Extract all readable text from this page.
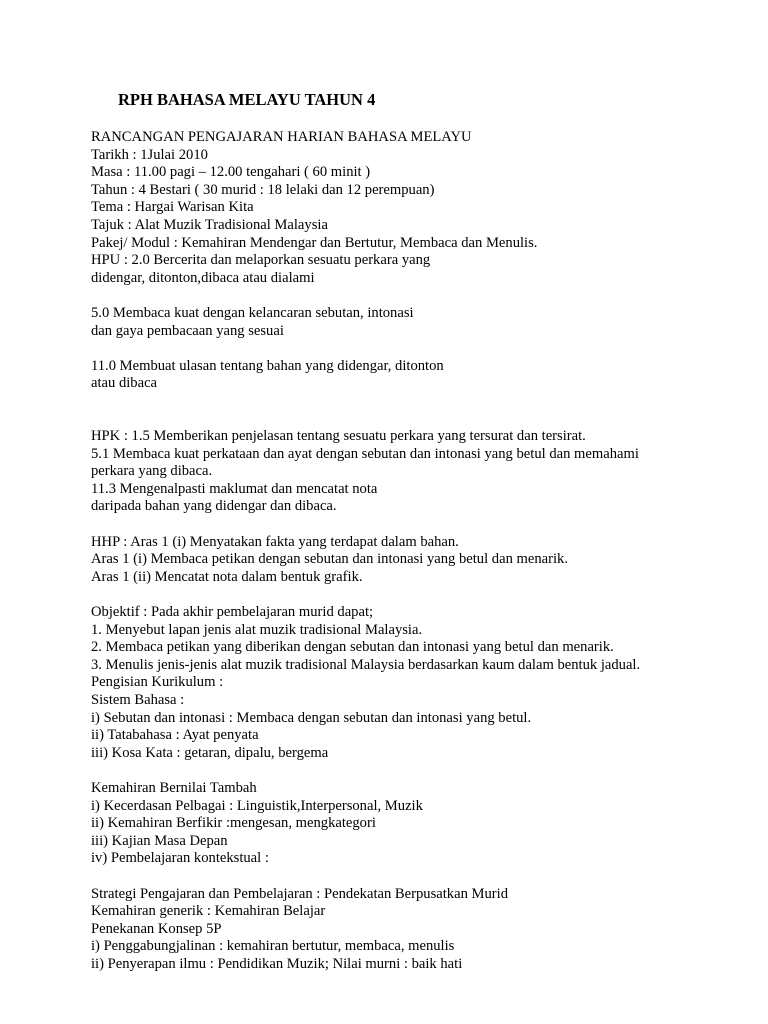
RPH BAHASA MELAYU TAHUN 4
RANCANGAN PENGAJARAN HARIAN BAHASA MELAYU
Tarikh : 1Julai 2010
Masa : 11.00 pagi – 12.00 tengahari ( 60 minit )
Tahun : 4 Bestari ( 30 murid : 18 lelaki dan 12 perempuan)
Tema : Hargai Warisan Kita
Tajuk : Alat Muzik Tradisional Malaysia
Pakej/ Modul : Kemahiran Mendengar dan Bertutur, Membaca dan Menulis.
HPU : 2.0 Bercerita dan melaporkan sesuatu perkara yang
didengar, ditonton,dibaca atau dialami
5.0 Membaca kuat dengan kelancaran sebutan, intonasi
dan gaya pembacaan yang sesuai
11.0 Membuat ulasan tentang bahan yang didengar, ditonton
atau dibaca
HPK : 1.5 Memberikan penjelasan tentang sesuatu perkara yang tersurat dan tersirat.
5.1 Membaca kuat perkataan dan ayat dengan sebutan dan intonasi yang betul dan memahami
perkara yang dibaca.
11.3 Mengenalpasti maklumat dan mencatat nota
daripada bahan yang didengar dan dibaca.
HHP : Aras 1 (i) Menyatakan fakta yang terdapat dalam bahan.
Aras 1 (i) Membaca petikan dengan sebutan dan intonasi yang betul dan menarik.
Aras 1 (ii) Mencatat nota dalam bentuk grafik.
Objektif : Pada akhir pembelajaran murid dapat;
1. Menyebut lapan jenis alat muzik tradisional Malaysia.
2. Membaca petikan yang diberikan dengan sebutan dan intonasi yang betul dan menarik.
3. Menulis jenis-jenis alat muzik tradisional Malaysia berdasarkan kaum dalam bentuk jadual.
Pengisian Kurikulum :
Sistem Bahasa :
i) Sebutan dan intonasi : Membaca dengan sebutan dan intonasi yang betul.
ii) Tatabahasa : Ayat penyata
iii) Kosa Kata : getaran, dipalu, bergema
Kemahiran Bernilai Tambah
i) Kecerdasan Pelbagai : Linguistik,Interpersonal, Muzik
ii) Kemahiran Berfikir :mengesan, mengkategori
iii) Kajian Masa Depan
iv) Pembelajaran kontekstual :
Strategi Pengajaran dan Pembelajaran : Pendekatan Berpusatkan Murid
Kemahiran generik : Kemahiran Belajar
Penekanan Konsep 5P
i) Penggabungjalinan : kemahiran bertutur, membaca, menulis
ii) Penyerapan ilmu : Pendidikan Muzik; Nilai murni : baik hati
